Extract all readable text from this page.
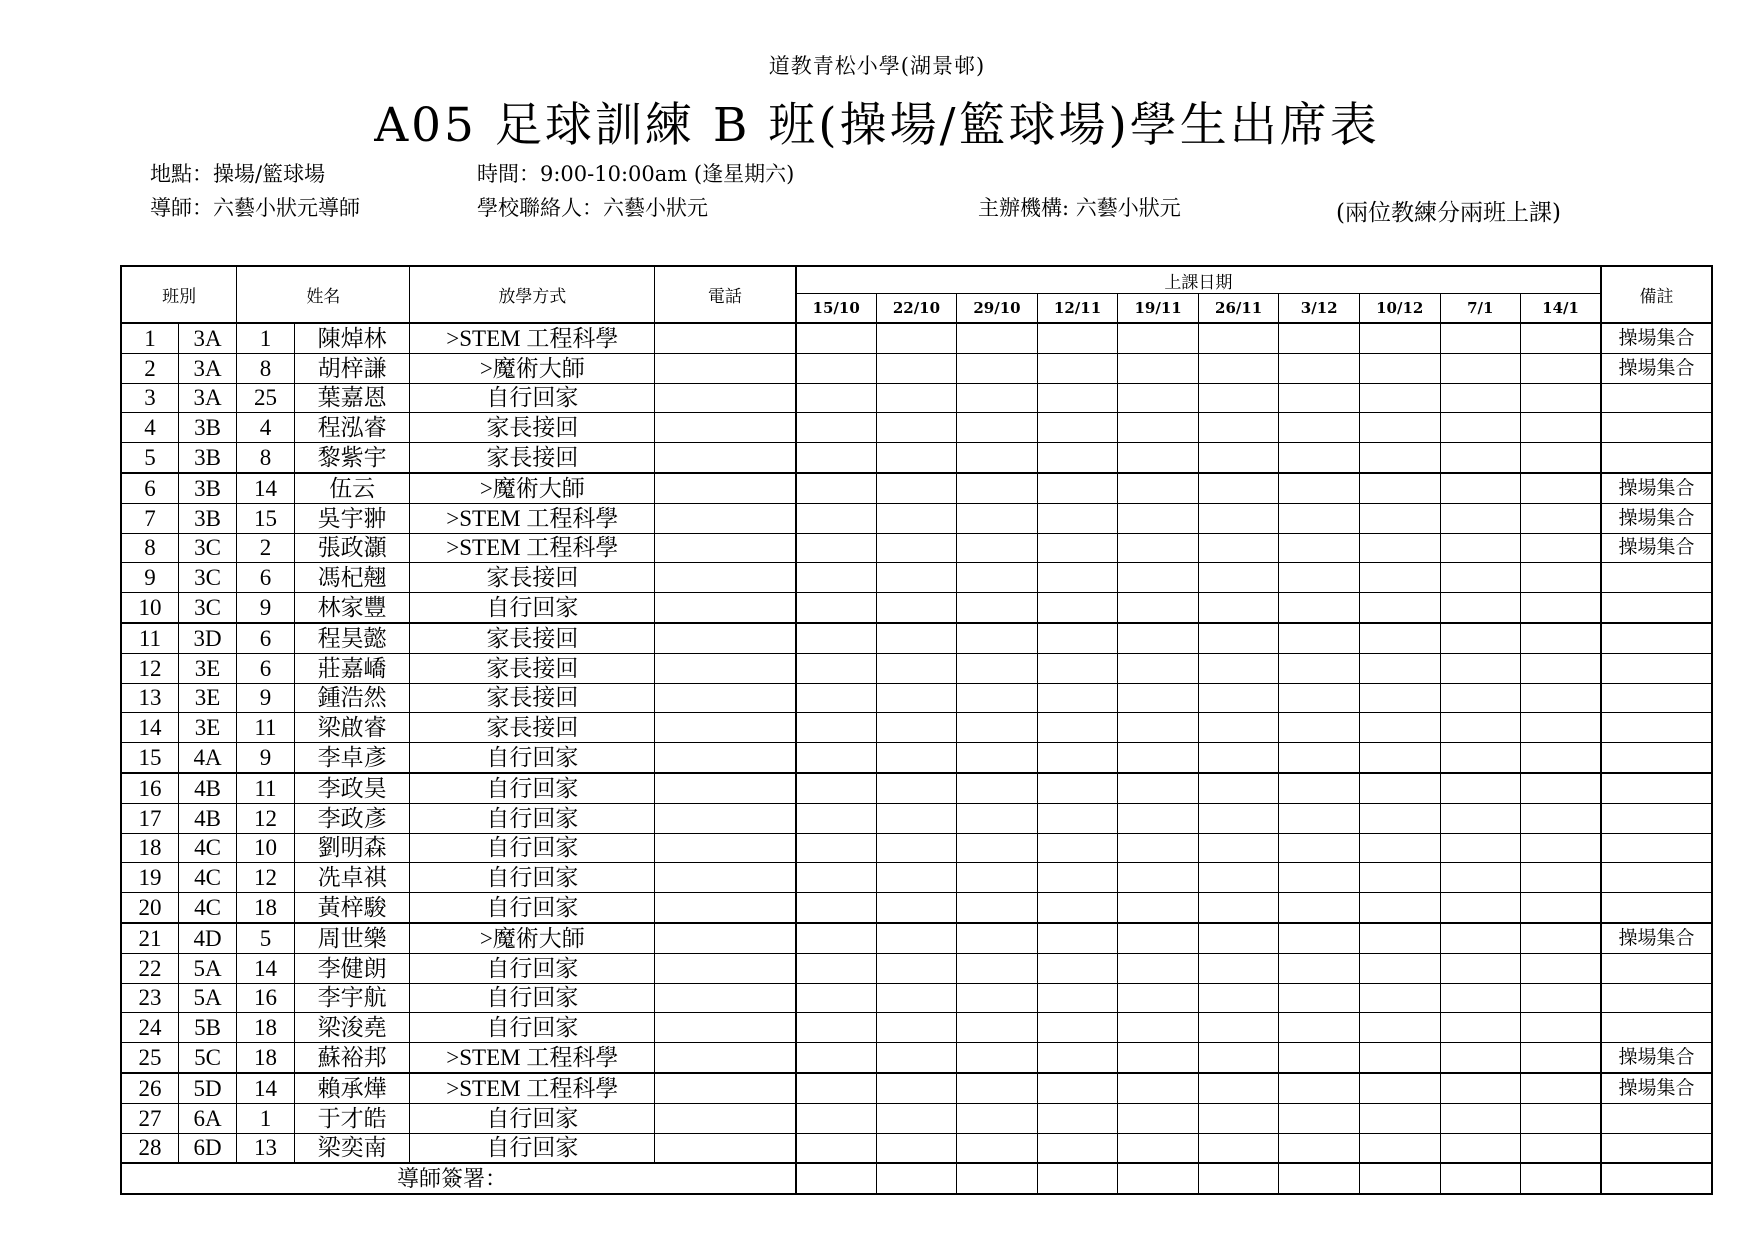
道教青松小學(湖景邨)
A05 足球訓練 B 班(操場/籃球場)學生出席表
地點：操場/籃球場	時間：9:00-10:00am (逢星期六)
導師：六藝小狀元導師	學校聯絡人：六藝小狀元	主辦機構: 六藝小狀元	(兩位教練分兩班上課)
班別		姓名		放學方式	電話	上課日期										備註
						15/10	22/10	29/10	12/11	19/11	26/11	3/12	10/12	7/1	14/1	
1	3A	1	陳焯林	>STEM 工程科學												操場集合
2	3A	8	胡梓謙	>魔術大師												操場集合
3	3A	25	葉嘉恩	自行回家												
4	3B	4	程泓睿	家長接回												
5	3B	8	黎紫宇	家長接回												
6	3B	14	伍云	>魔術大師												操場集合
7	3B	15	吳宇翀	>STEM 工程科學												操場集合
8	3C	2	張政灝	>STEM 工程科學												操場集合
9	3C	6	馮杞翹	家長接回												
10	3C	9	林家豐	自行回家												
11	3D	6	程昊懿	家長接回												
12	3E	6	莊嘉嶠	家長接回												
13	3E	9	鍾浩然	家長接回												
14	3E	11	梁啟睿	家長接回												
15	4A	9	李卓彥	自行回家												
16	4B	11	李政昊	自行回家												
17	4B	12	李政彥	自行回家												
18	4C	10	劉明森	自行回家												
19	4C	12	冼卓祺	自行回家												
20	4C	18	黃梓駿	自行回家												
21	4D	5	周世樂	>魔術大師												操場集合
22	5A	14	李健朗	自行回家												
23	5A	16	李宇航	自行回家												
24	5B	18	梁浚堯	自行回家												
25	5C	18	蘇裕邦	>STEM 工程科學												操場集合
26	5D	14	賴承燁	>STEM 工程科學												操場集合
27	6A	1	于才皓	自行回家												
28	6D	13	梁奕南	自行回家												
導師簽署：																
